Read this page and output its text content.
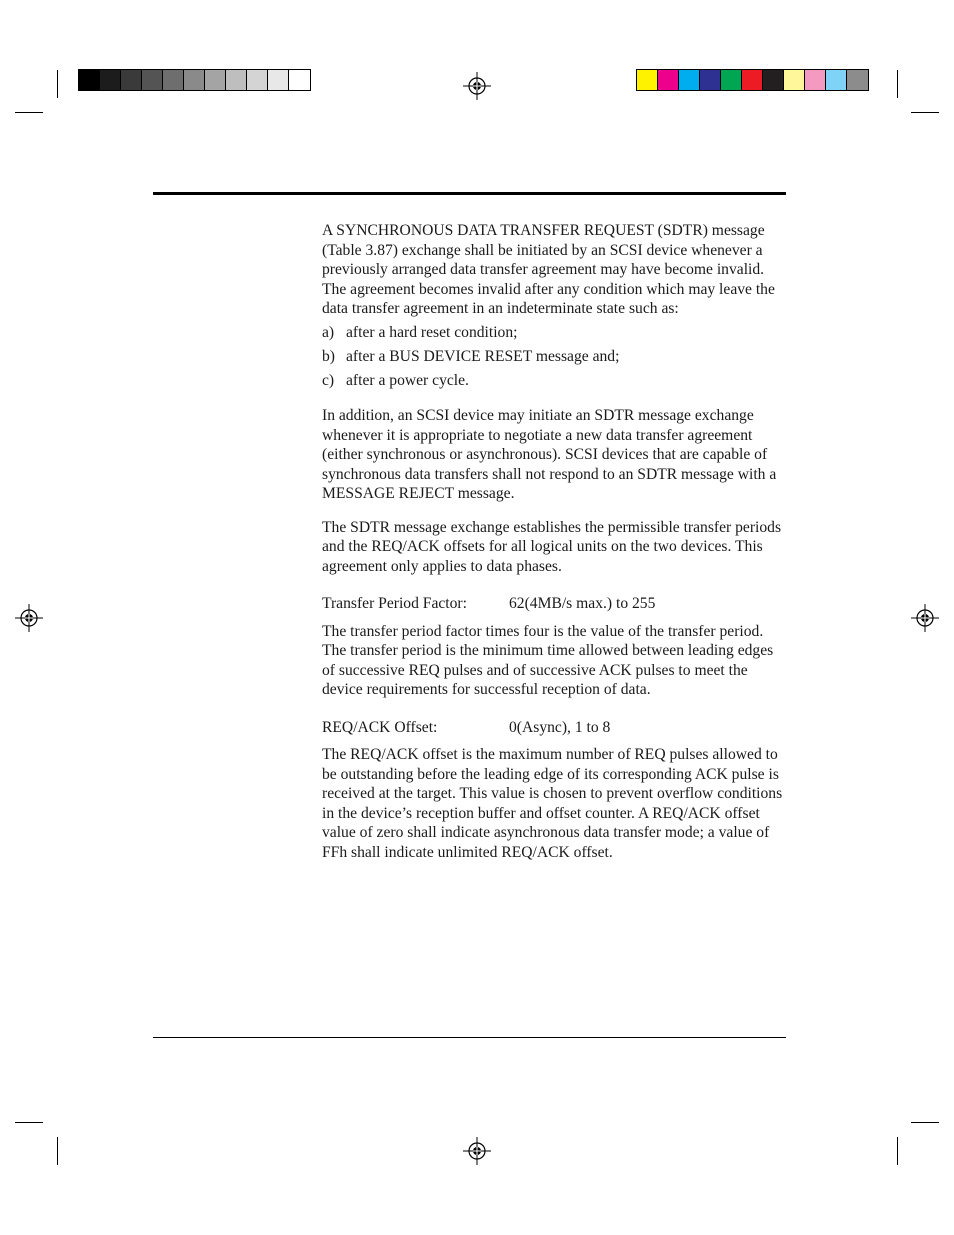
A SYNCHRONOUS DATA TRANSFER REQUEST (SDTR) message (Table 3.87) exchange shall be initiated by an SCSI device whenever a previously arranged data transfer agreement may have become invalid. The agreement becomes invalid after any condition which may leave the data transfer agreement in an indeterminate state such as:

a) after a hard reset condition;
b) after a BUS DEVICE RESET message and;
c) after a power cycle.

In addition, an SCSI device may initiate an SDTR message exchange whenever it is appropriate to negotiate a new data transfer agreement (either synchronous or asynchronous). SCSI devices that are capable of synchronous data transfers shall not respond to an SDTR message with a MESSAGE REJECT message.

The SDTR message exchange establishes the permissible transfer periods and the REQ/ACK offsets for all logical units on the two devices. This agreement only applies to data phases.

Transfer Period Factor:	62(4MB/s max.) to 255

The transfer period factor times four is the value of the transfer period. The transfer period is the minimum time allowed between leading edges of successive REQ pulses and of successive ACK pulses to meet the device requirements for successful reception of data.

REQ/ACK Offset:	0(Async), 1 to 8

The REQ/ACK offset is the maximum number of REQ pulses allowed to be outstanding before the leading edge of its corresponding ACK pulse is received at the target. This value is chosen to prevent overflow conditions in the device’s reception buffer and offset counter. A REQ/ACK offset value of zero shall indicate asynchronous data transfer mode; a value of FFh shall indicate unlimited REQ/ACK offset.
